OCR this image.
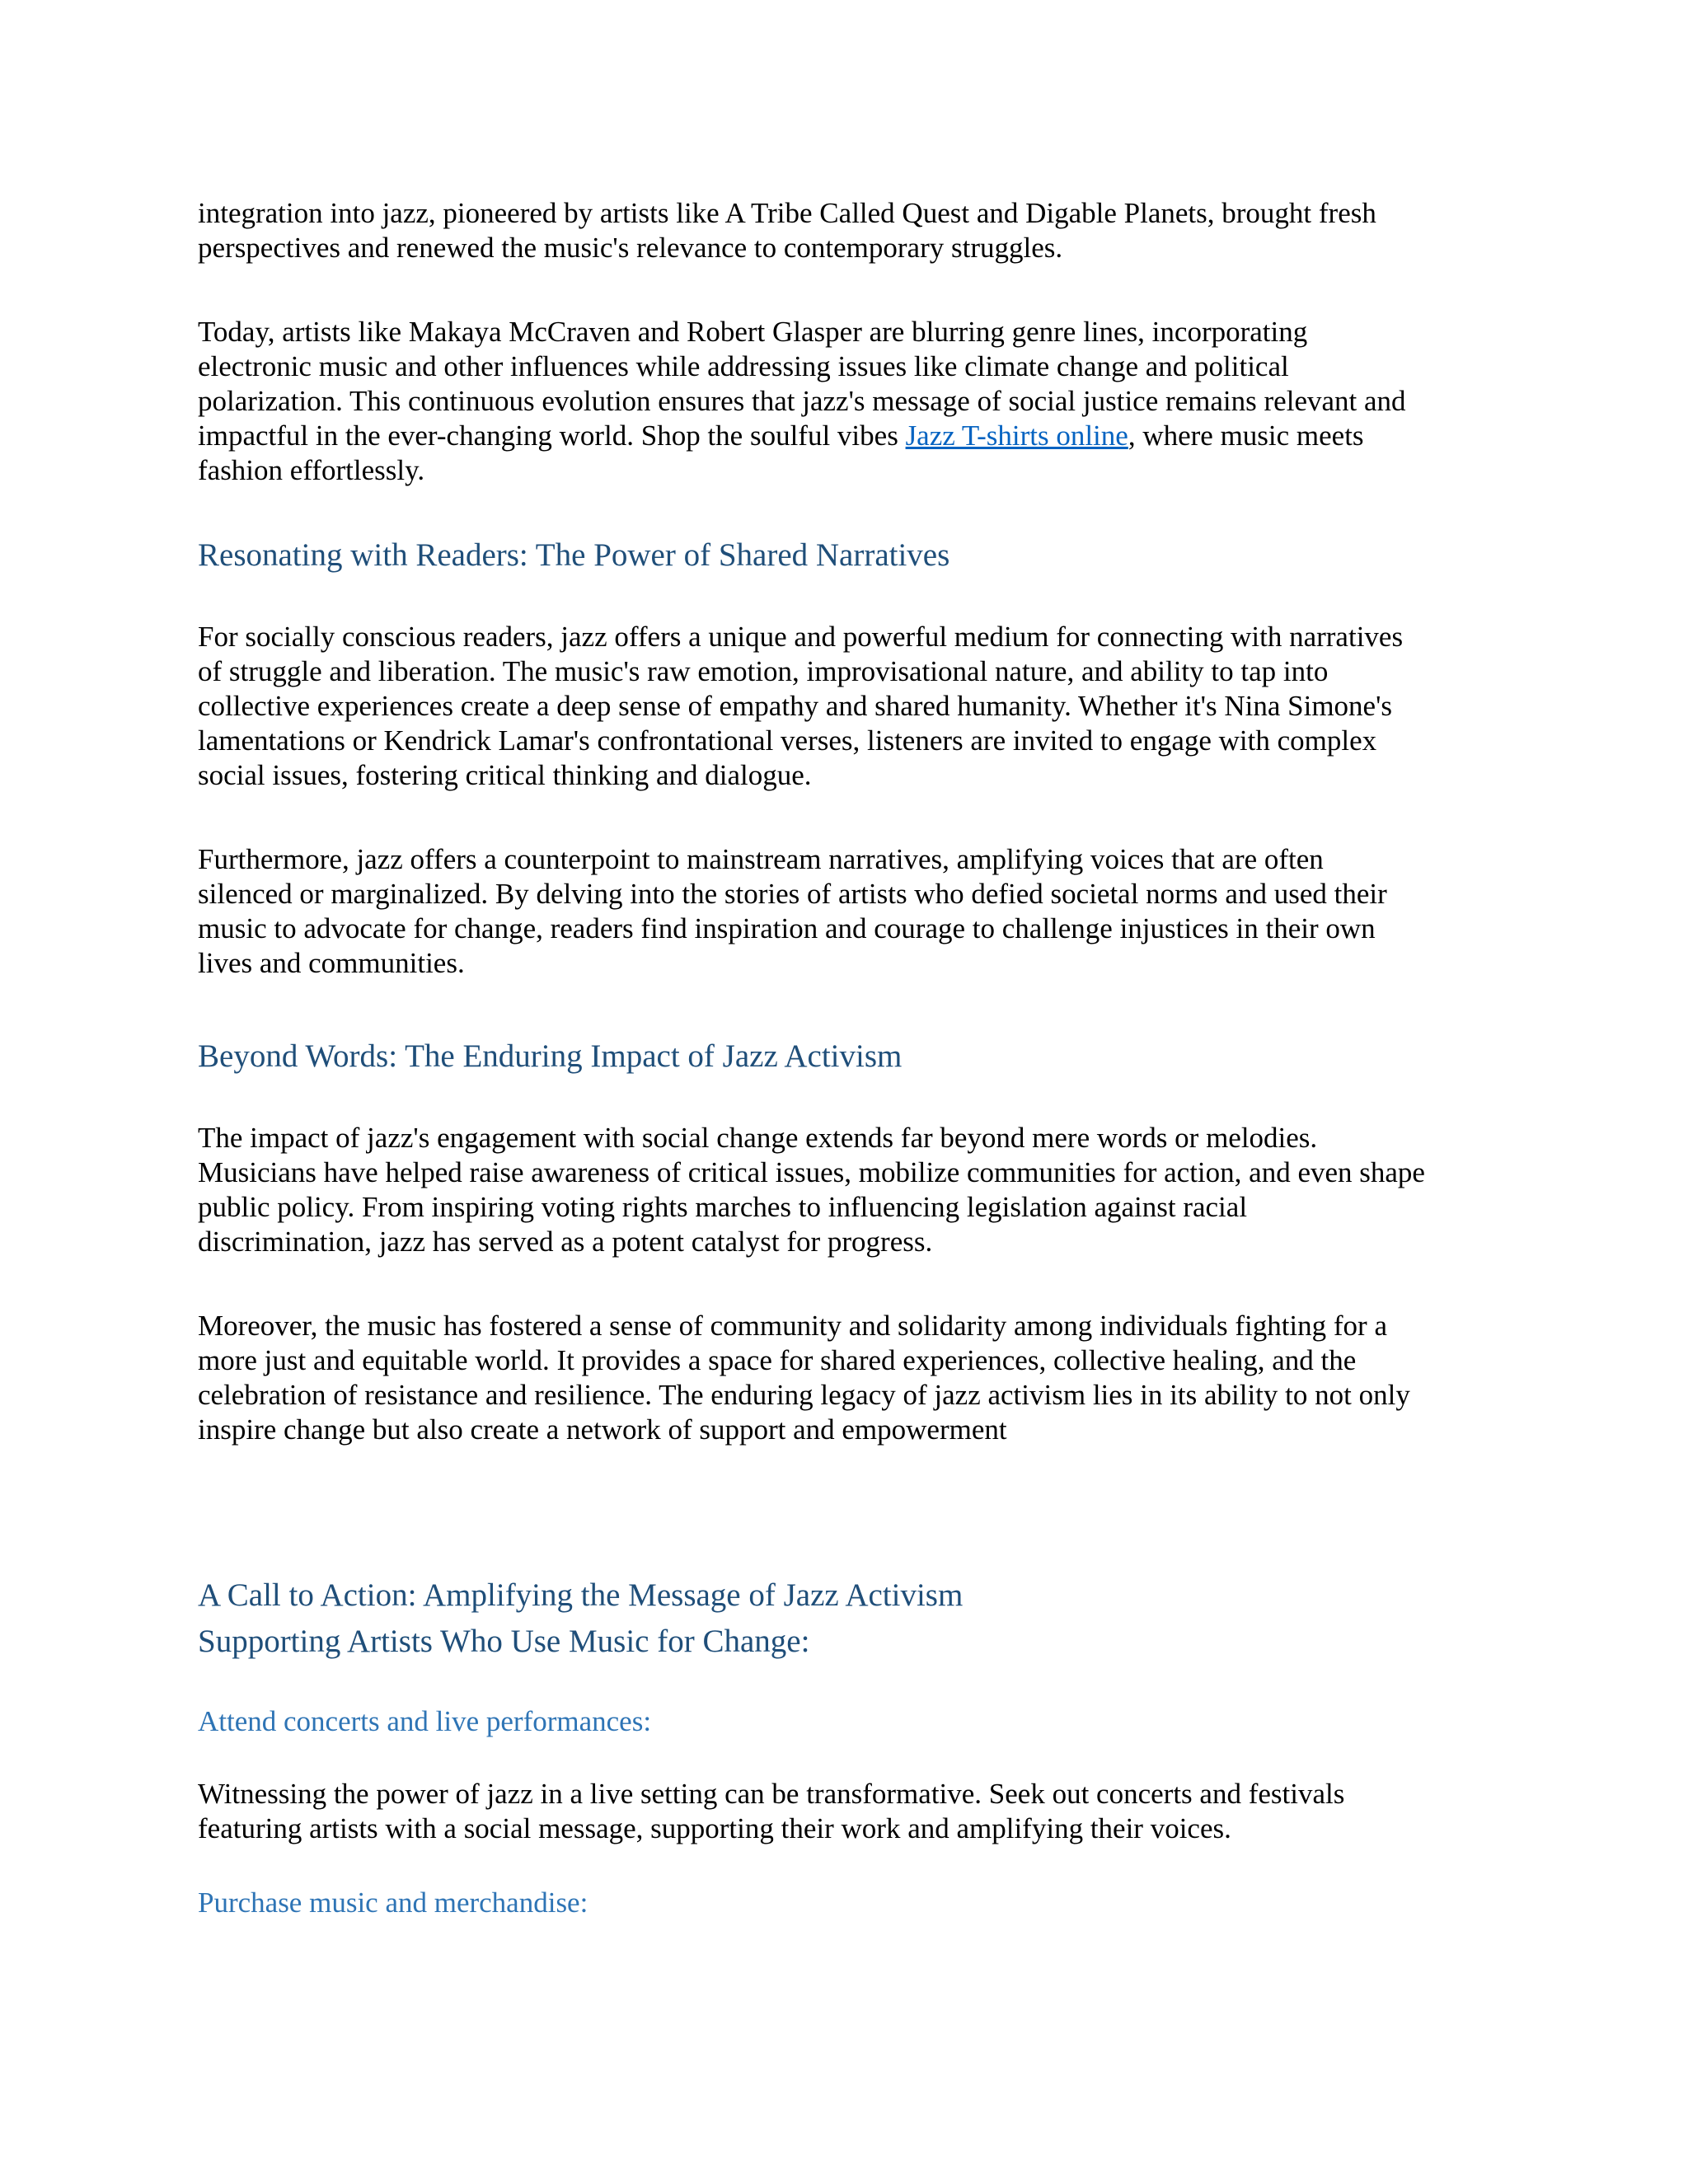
integration into jazz, pioneered by artists like A Tribe Called Quest and Digable Planets, brought fresh
perspectives and renewed the music's relevance to contemporary struggles.
Today, artists like Makaya McCraven and Robert Glasper are blurring genre lines, incorporating
electronic music and other influences while addressing issues like climate change and political
polarization. This continuous evolution ensures that jazz's message of social justice remains relevant and
impactful in the ever-changing world. Shop the soulful vibes Jazz T-shirts online, where music meets
fashion effortlessly.
Resonating with Readers: The Power of Shared Narratives
For socially conscious readers, jazz offers a unique and powerful medium for connecting with narratives
of struggle and liberation. The music's raw emotion, improvisational nature, and ability to tap into
collective experiences create a deep sense of empathy and shared humanity. Whether it's Nina Simone's
lamentations or Kendrick Lamar's confrontational verses, listeners are invited to engage with complex
social issues, fostering critical thinking and dialogue.
Furthermore, jazz offers a counterpoint to mainstream narratives, amplifying voices that are often
silenced or marginalized. By delving into the stories of artists who defied societal norms and used their
music to advocate for change, readers find inspiration and courage to challenge injustices in their own
lives and communities.
Beyond Words: The Enduring Impact of Jazz Activism
The impact of jazz's engagement with social change extends far beyond mere words or melodies.
Musicians have helped raise awareness of critical issues, mobilize communities for action, and even shape
public policy. From inspiring voting rights marches to influencing legislation against racial
discrimination, jazz has served as a potent catalyst for progress.
Moreover, the music has fostered a sense of community and solidarity among individuals fighting for a
more just and equitable world. It provides a space for shared experiences, collective healing, and the
celebration of resistance and resilience. The enduring legacy of jazz activism lies in its ability to not only
inspire change but also create a network of support and empowerment
A Call to Action: Amplifying the Message of Jazz Activism
Supporting Artists Who Use Music for Change:
Attend concerts and live performances:
Witnessing the power of jazz in a live setting can be transformative. Seek out concerts and festivals
featuring artists with a social message, supporting their work and amplifying their voices.
Purchase music and merchandise:
